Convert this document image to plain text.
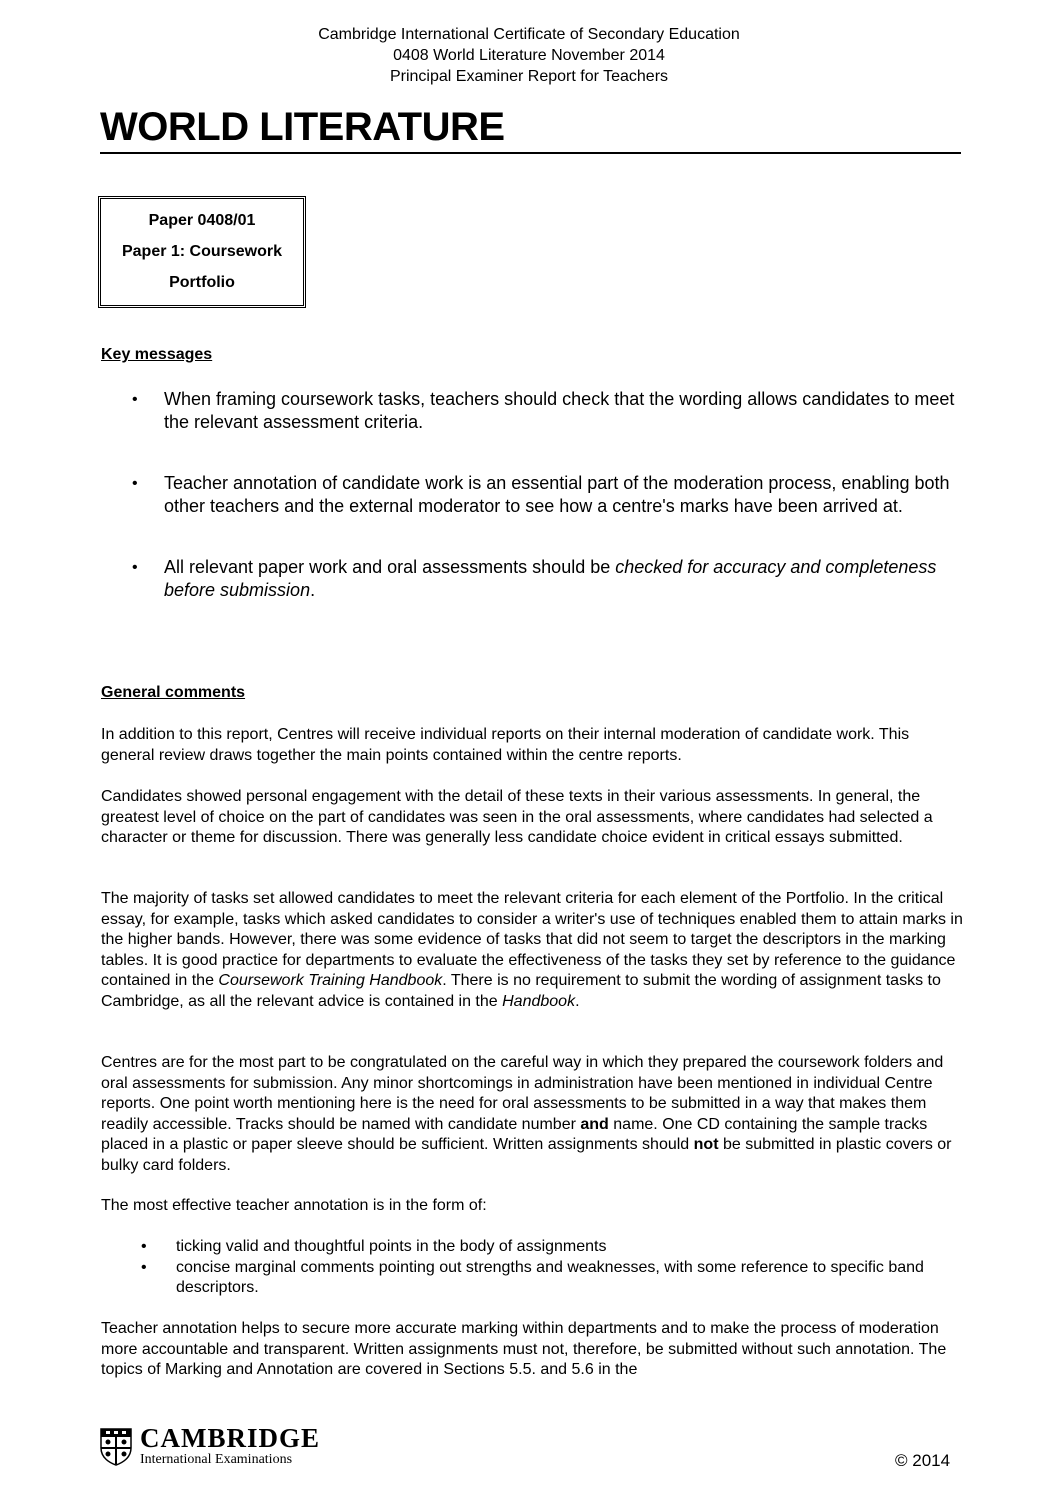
Cambridge International Certificate of Secondary Education
0408 World Literature November 2014
Principal Examiner Report for Teachers
WORLD LITERATURE
Paper 0408/01
Paper 1: Coursework
Portfolio
Key messages
• When framing coursework tasks, teachers should check that the wording allows candidates to meet the relevant assessment criteria.
• Teacher annotation of candidate work is an essential part of the moderation process, enabling both other teachers and the external moderator to see how a centre's marks have been arrived at.
• All relevant paper work and oral assessments should be checked for accuracy and completeness before submission.
General comments

In addition to this report, Centres will receive individual reports on their internal moderation of candidate work. This general review draws together the main points contained within the centre reports.

Candidates showed personal engagement with the detail of these texts in their various assessments. In general, the greatest level of choice on the part of candidates was seen in the oral assessments, where candidates had selected a character or theme for discussion. There was generally less candidate choice evident in critical essays submitted.

The majority of tasks set allowed candidates to meet the relevant criteria for each element of the Portfolio. In the critical essay, for example, tasks which asked candidates to consider a writer's use of techniques enabled them to attain marks in the higher bands. However, there was some evidence of tasks that did not seem to target the descriptors in the marking tables. It is good practice for departments to evaluate the effectiveness of the tasks they set by reference to the guidance contained in the Coursework Training Handbook. There is no requirement to submit the wording of assignment tasks to Cambridge, as all the relevant advice is contained in the Handbook.

Centres are for the most part to be congratulated on the careful way in which they prepared the coursework folders and oral assessments for submission. Any minor shortcomings in administration have been mentioned in individual Centre reports. One point worth mentioning here is the need for oral assessments to be submitted in a way that makes them readily accessible. Tracks should be named with candidate number and name. One CD containing the sample tracks placed in a plastic or paper sleeve should be sufficient. Written assignments should not be submitted in plastic covers or bulky card folders.

The most effective teacher annotation is in the form of:

• ticking valid and thoughtful points in the body of assignments
• concise marginal comments pointing out strengths and weaknesses, with some reference to specific band descriptors.

Teacher annotation helps to secure more accurate marking within departments and to make the process of moderation more accountable and transparent. Written assignments must not, therefore, be submitted without such annotation. The topics of Marking and Annotation are covered in Sections 5.5. and 5.6 in the

CAMBRIDGE
International Examinations	© 2014
